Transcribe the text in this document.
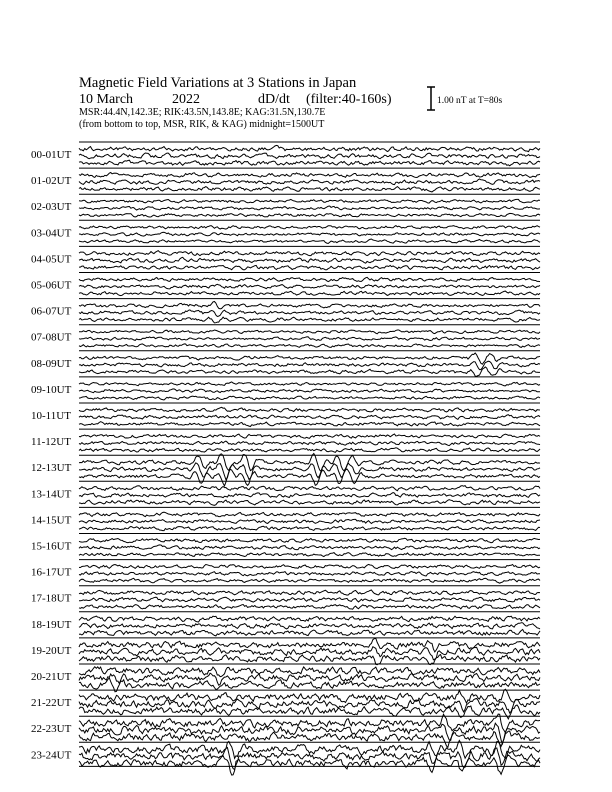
Magnetic Field Variations at 3 Stations in Japan
10 March	2022	dD/dt (filter:40-160s)
MSR:44.4N,142.3E; RIK:43.5N,143.8E; KAG:31.5N,130.7E
(from bottom to top, MSR, RIK, & KAG) midnight=1500UT
1.00 nT at T=80s
00-01UT
01-02UT
02-03UT
03-04UT
04-05UT
05-06UT
06-07UT
07-08UT
08-09UT
09-10UT
10-11UT
11-12UT
12-13UT
13-14UT
14-15UT
15-16UT
16-17UT
17-18UT
18-19UT
19-20UT
20-21UT
21-22UT
22-23UT
23-24UT
